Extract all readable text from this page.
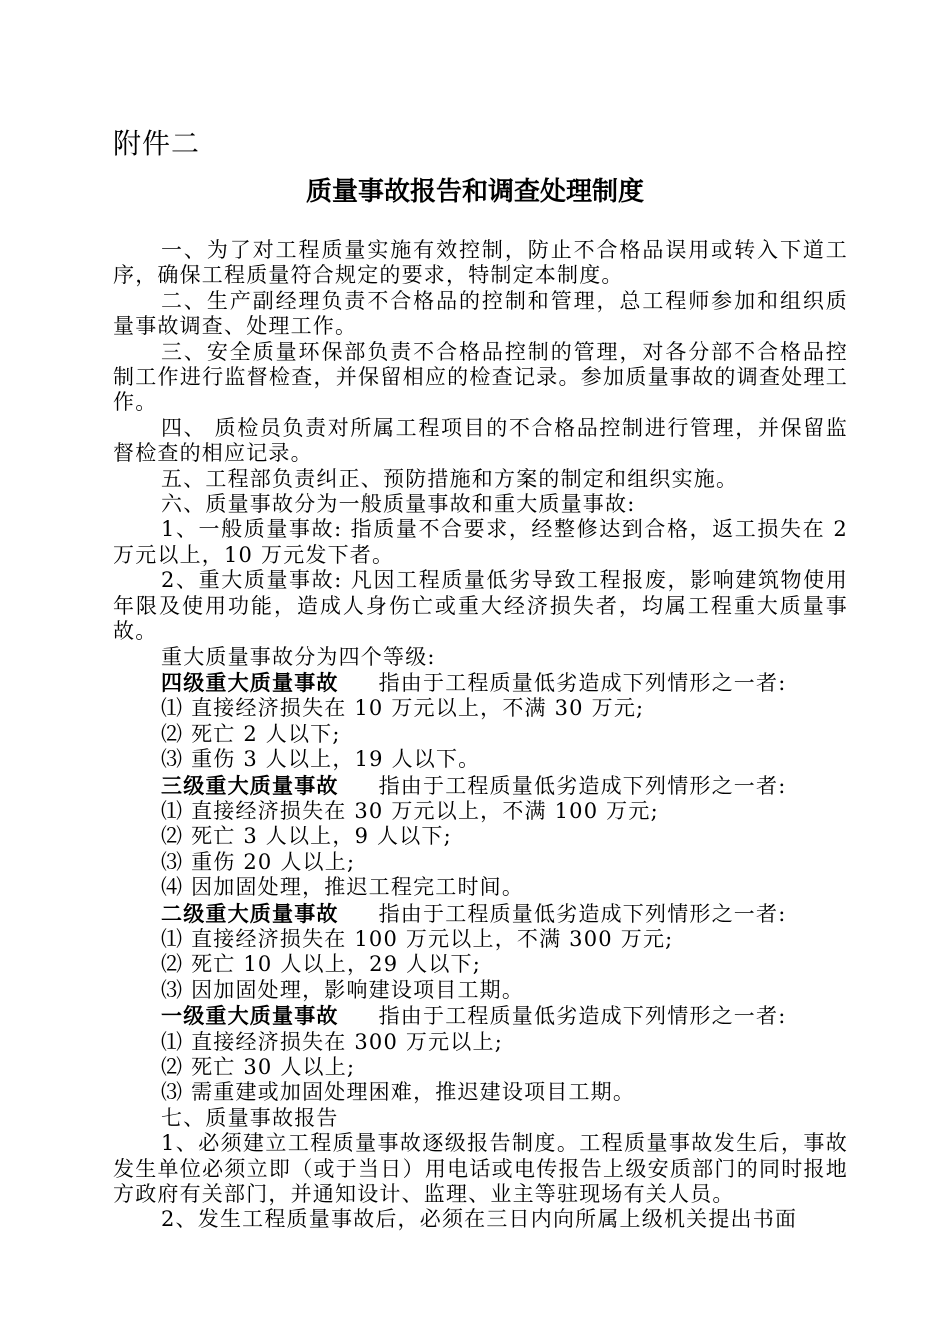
附件二
质量事故报告和调查处理制度

一、为了对工程质量实施有效控制，防止不合格品误用或转入下道工序，确保工程质量符合规定的要求，特制定本制度。

二、生产副经理负责不合格品的控制和管理，总工程师参加和组织质量事故调查、处理工作。

三、安全质量环保部负责不合格品控制的管理，对各分部不合格品控制工作进行监督检查，并保留相应的检查记录。参加质量事故的调查处理工作。

四、 质检员负责对所属工程项目的不合格品控制进行管理，并保留监督检查的相应记录。

五、工程部负责纠正、预防措施和方案的制定和组织实施。

六、质量事故分为一般质量事故和重大质量事故:

1、一般质量事故: 指质量不合要求，经整修达到合格，返工损失在 2 万元以上，10 万元发下者。

2、重大质量事故: 凡因工程质量低劣导致工程报废，影响建筑物使用年限及使用功能，造成人身伤亡或重大经济损失者，均属工程重大质量事故。

重大质量事故分为四个等级:

四级重大质量事故 指由于工程质量低劣造成下列情形之一者:

⑴ 直接经济损失在 10 万元以上，不满 30 万元;

⑵ 死亡 2 人以下;

⑶ 重伤 3 人以上，19 人以下。

三级重大质量事故 指由于工程质量低劣造成下列情形之一者:

⑴ 直接经济损失在 30 万元以上，不满 100 万元;

⑵ 死亡 3 人以上，9 人以下;

⑶ 重伤 20 人以上;

⑷ 因加固处理，推迟工程完工时间。

二级重大质量事故 指由于工程质量低劣造成下列情形之一者:

⑴ 直接经济损失在 100 万元以上，不满 300 万元;

⑵ 死亡 10 人以上，29 人以下;

⑶ 因加固处理，影响建设项目工期。

一级重大质量事故 指由于工程质量低劣造成下列情形之一者:

⑴ 直接经济损失在 300 万元以上;

⑵ 死亡 30 人以上;

⑶ 需重建或加固处理困难，推迟建设项目工期。

七、质量事故报告

1、必须建立工程质量事故逐级报告制度。工程质量事故发生后，事故发生单位必须立即（或于当日）用电话或电传报告上级安质部门的同时报地方政府有关部门，并通知设计、监理、业主等驻现场有关人员。

2、发生工程质量事故后，必须在三日内向所属上级机关提出书面
